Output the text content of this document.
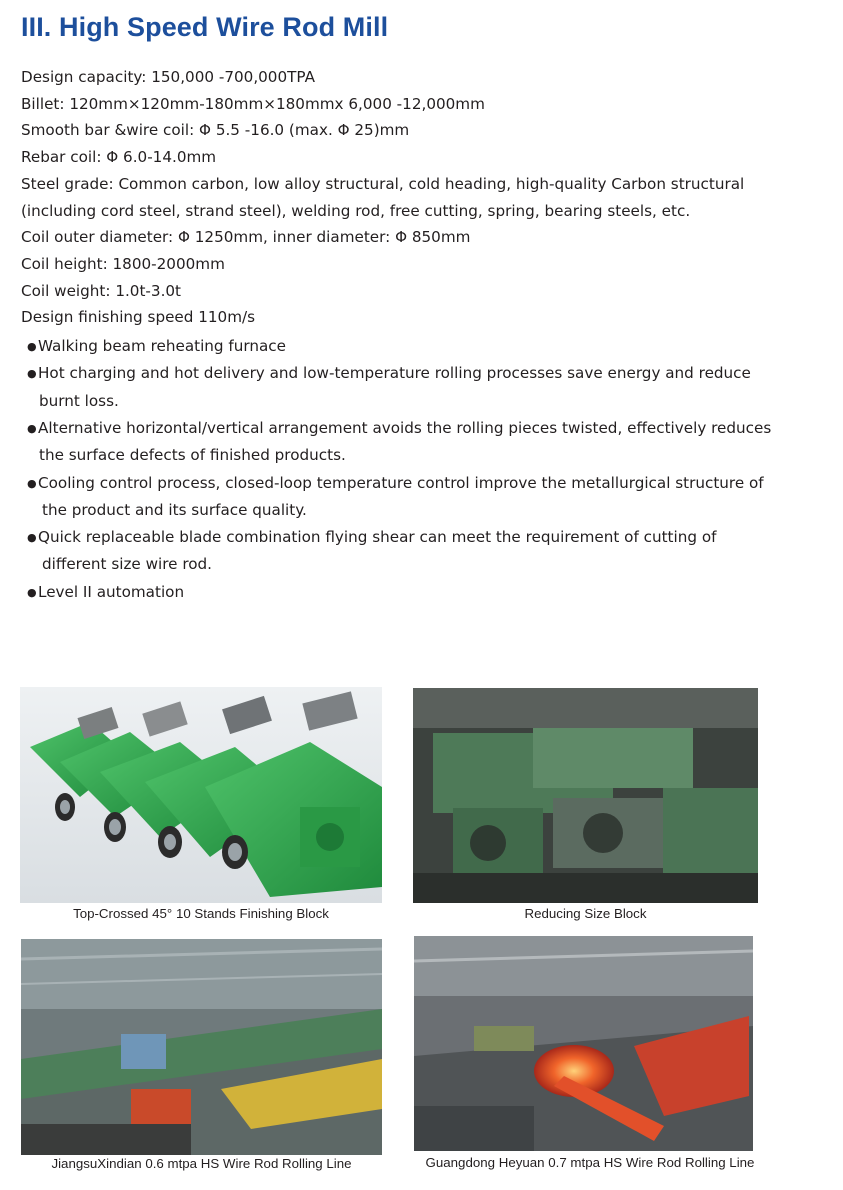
III. High Speed Wire Rod Mill

Design capacity: 150,000 -700,000TPA

Billet: 120mm×120mm-180mm×180mmx 6,000 -12,000mm

Smooth bar &wire coil: Φ 5.5 -16.0 (max. Φ 25)mm

Rebar coil: Φ 6.0-14.0mm

Steel grade: Common carbon, low alloy structural, cold heading, high-quality Carbon structural

(including cord steel, strand steel), welding rod, free cutting, spring, bearing steels, etc.

Coil outer diameter: Φ 1250mm, inner diameter: Φ 850mm

Coil height: 1800-2000mm

Coil weight: 1.0t-3.0t

Design finishing speed 110m/s

● Walking beam reheating furnace
● Hot charging and hot delivery and low-temperature rolling processes save energy and reduce
burnt loss.
● Alternative horizontal/vertical arrangement avoids the rolling pieces twisted, effectively reduces
the surface defects of finished products.
● Cooling control process, closed-loop temperature control improve the metallurgical structure of
the product and its surface quality.
● Quick replaceable blade combination flying shear can meet the requirement of cutting of
different size wire rod.
● Level II automation
Top-Crossed 45° 10 Stands Finishing Block	Reducing Size Block
JiangsuXindian 0.6 mtpa HS Wire Rod Rolling Line	Guangdong Heyuan 0.7 mtpa HS Wire Rod Rolling Line
